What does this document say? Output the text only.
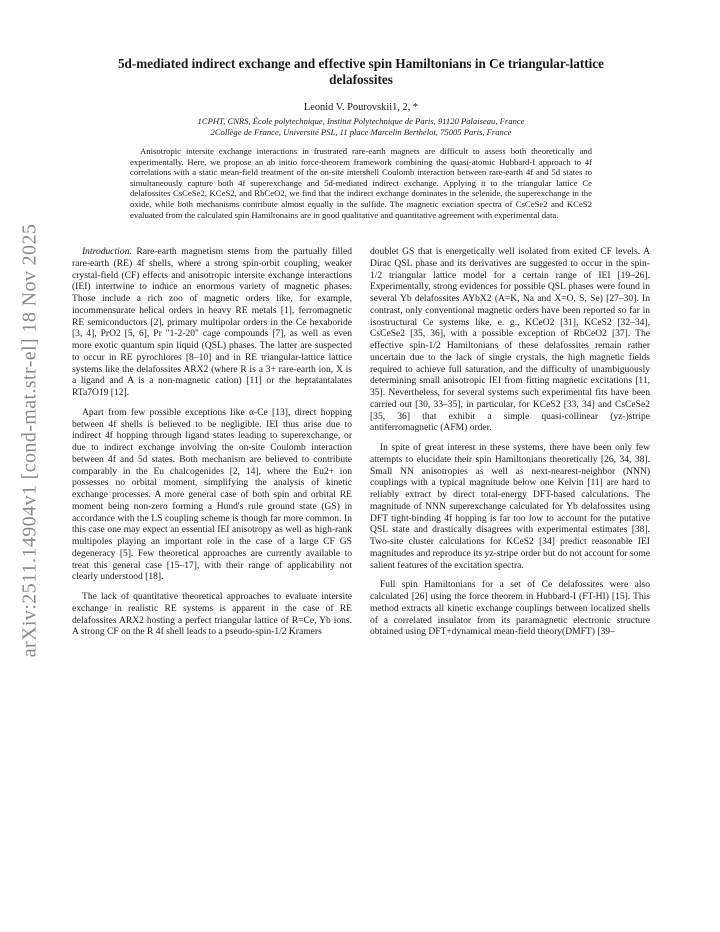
arXiv:2511.14904v1 [cond-mat.str-el] 18 Nov 2025
5d-mediated indirect exchange and effective spin Hamiltonians in Ce triangular-lattice delafossites
Leonid V. Pourovskii1, 2, *
1CPHT, CNRS, École polytechnique, Institut Polytechnique de Paris, 91120 Palaiseau, France
2Collège de France, Université PSL, 11 place Marcelin Berthelot, 75005 Paris, France
Anisotropic intersite exchange interactions in frustrated rare-earth magnets are difficult to assess both theoretically and experimentally. Here, we propose an ab initio force-theorem framework combining the quasi-atomic Hubbard-I approach to 4f correlations with a static mean-field treatment of the on-site intershell Coulomb interaction between rare-earth 4f and 5d states to simultaneously capture both 4f superexchange and 5d-mediated indirect exchange. Applying it to the triangular lattice Ce delafossites CsCeSe2, KCeS2, and RbCeO2, we find that the indirect exchange dominates in the selenide, the superexchange in the oxide, while both mechanisms contribute almost equally in the sulfide. The magnetic exciation spectra of CsCeSe2 and KCeS2 evaluated from the calculated spin Hamiltonains are in good qualitative and quantitative agreement with experimental data.

Introduction. Rare-earth magnetism stems from the partually filled rare-earth (RE) 4f shells, where a strong spin-orbit coupling, weaker crystal-field (CF) effects and anisotropic intersite exchange interactions (IEI) intertwine to induce an enormous variety of magnetic phases. Those include a rich zoo of magnetic orders like, for example, incommensurate helical orders in heavy RE metals [1], ferromagnetic RE semiconductors [2], primary multipolar orders in the Ce hexaboride [3, 4], PrO2 [5, 6], Pr "1-2-20" cage compounds [7], as well as even more exotic quantum spin liquid (QSL) phases. The latter are suspected to occur in RE pyrochlores [8–10] and in RE triangular-lattice lattice systems like the delafossites ARX2 (where R is a 3+ rare-earth ion, X is a ligand and A is a non-magnetic cation) [11] or the heptatantalates RTa7O19 [12].

Apart from few possible exceptions like α-Ce [13], direct hopping between 4f shells is believed to be negligible. IEI thus arise due to indirect 4f hopping through ligand states leading to superexchange, or due to indirect exchange involving the on-site Coulomb interaction between 4f and 5d states. Both mechanism are believed to contribute comparably in the Eu chalcogenides [2, 14], where the Eu2+ ion possesses no orbital moment, simplifying the analysis of kinetic exchange processes. A more general case of both spin and orbital RE moment being non-zero forming a Hund's rule ground state (GS) in accordance with the LS coupling scheme is though far more common. In this case one may expect an essential IEI anisotropy as well as high-rank multipoles playing an important role in the case of a large CF GS degeneracy [5]. Few theoretical approaches are currently available to treat this general case [15–17], with their range of applicability not clearly understood [18].

The lack of quantitative theoretical approaches to evaluate intersite exchange in realistic RE systems is apparent in the case of RE delafossites ARX2 hosting a perfect triangular lattice of R=Ce, Yb ions. A strong CF on the R 4f shell leads to a pseudo-spin-1/2 Kramers

doublet GS that is energetically well isolated from exited CF levels. A Dirac QSL phase and its derivatives are suggested to occur in the spin-1/2 triangular lattice model for a certain range of IEI [19–26]. Experimentally, strong evidences for possible QSL phases were found in several Yb delafossites AYbX2 (A=K, Na and X=O, S, Se) [27–30]. In contrast, only conventional magnetic orders have been reported so far in isostructural Ce systems like, e. g., KCeO2 [31], KCeS2 [32–34], CsCeSe2 [35, 36], with a possible exception of RbCeO2 [37]. The effective spin-1/2 Hamiltonians of these delafossites remain rather uncertain due to the lack of single crystals, the high magnetic fields required to achieve full saturation, and the difficulty of unambiguously determining small anisotropic IEI from fitting magnetic excitations [11, 35]. Nevertheless, for several systems such experimental fits have been carried out [30, 33–35], in particular, for KCeS2 [33, 34] and CsCeSe2 [35, 36] that exhibit a simple quasi-collinear (yz-)stripe antiferromagnetic (AFM) order.

In spite of great interest in these systems, there have been only few attempts to elucidate their spin Hamiltonians theoretically [26, 34, 38]. Small NN anisotropies as well as next-nearest-neighbor (NNN) couplings with a typical magnitude below one Kelvin [11] are hard to reliably extract by direct total-energy DFT-based calculations. The magnitude of NNN superexchange calculated for Yb delafossites using DFT tight-binding 4f hopping is far too low to account for the putative QSL state and drastically disagrees with experimental estimates [38]. Two-site cluster calculations for KCeS2 [34] predict reasonable IEI magnitudes and reproduce its yz-stripe order but do not account for some salient features of the excitation spectra.

Full spin Hamiltonians for a set of Ce delafossites were also calculated [26] using the force theorem in Hubbard-I (FT-HI) [15]. This method extracts all kinetic exchange couplings between localized shells of a correlated insulator from its paramagnetic electronic structure obtained using DFT+dynamical mean-field theory(DMFT) [39–
